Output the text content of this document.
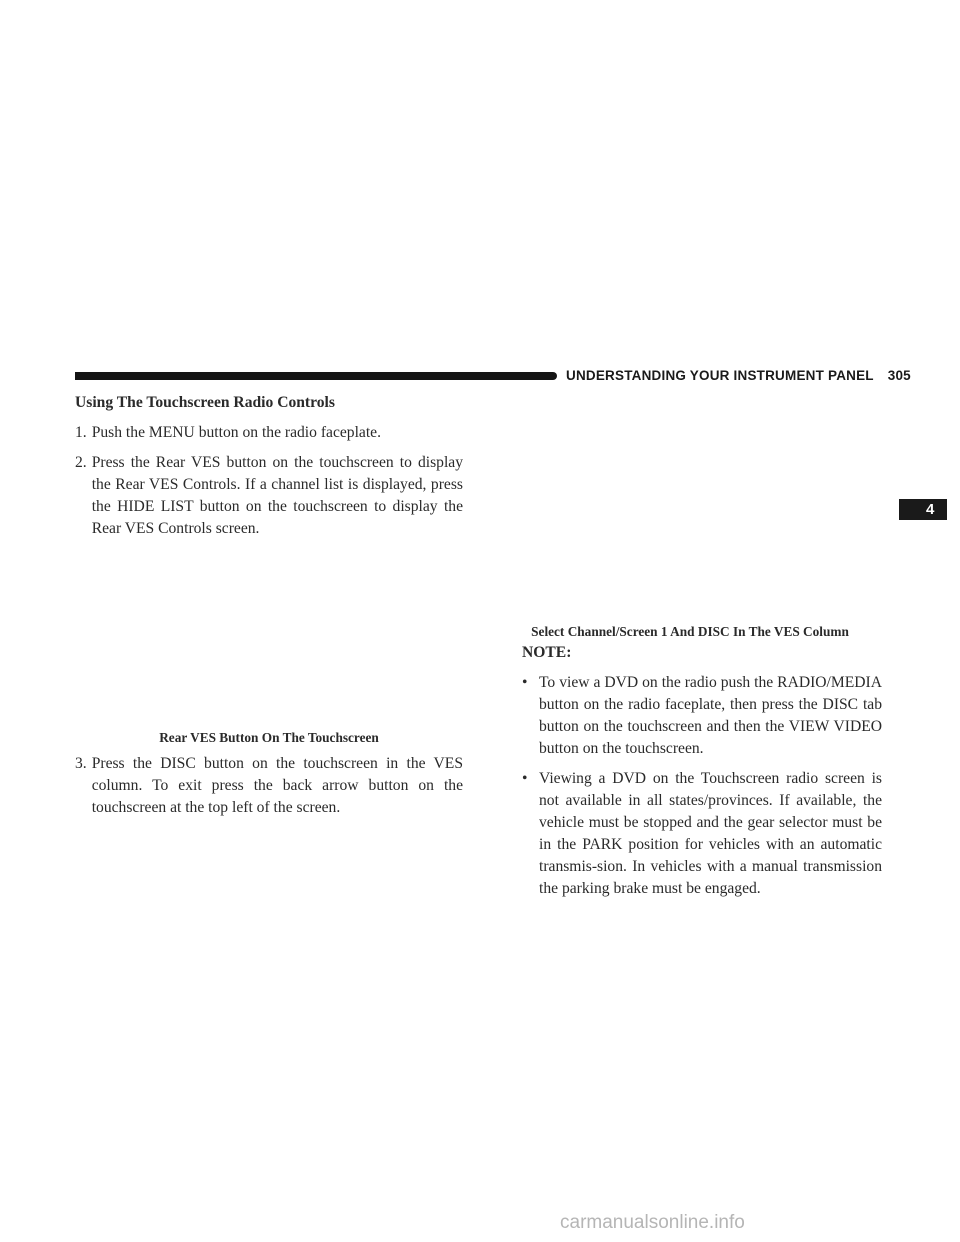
UNDERSTANDING YOUR INSTRUMENT PANEL 305
4
Using The Touchscreen Radio Controls
1. Push the MENU button on the radio faceplate.
2. Press the Rear VES button on the touchscreen to display the Rear VES Controls. If a channel list is displayed, press the HIDE LIST button on the touchscreen to display the Rear VES Controls screen.
Rear VES Button On The Touchscreen
3. Press the DISC button on the touchscreen in the VES column. To exit press the back arrow button on the touchscreen at the top left of the screen.
Select Channel/Screen 1 And DISC In The VES Column
NOTE:
• To view a DVD on the radio push the RADIO/MEDIA button on the radio faceplate, then press the DISC tab button on the touchscreen and then the VIEW VIDEO button on the touchscreen.
• Viewing a DVD on the Touchscreen radio screen is not available in all states/provinces. If available, the vehicle must be stopped and the gear selector must be in the PARK position for vehicles with an automatic transmis-sion. In vehicles with a manual transmission the parking brake must be engaged.
carmanualsonline.info
